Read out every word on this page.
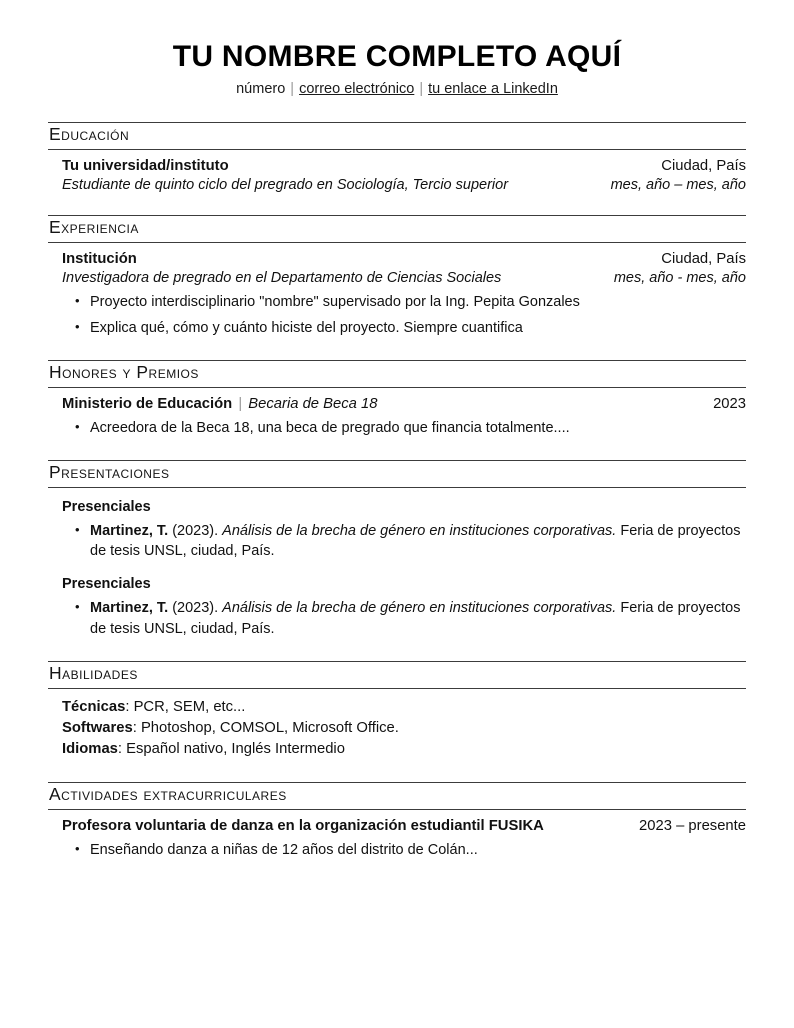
TU NOMBRE COMPLETO AQUÍ
número | correo electrónico | tu enlace a LinkedIn
Educación
Tu universidad/instituto	Ciudad, País
Estudiante de quinto ciclo del pregrado en Sociología, Tercio superior	mes, año – mes, año
Experiencia
Institución	Ciudad, País
Investigadora de pregrado en el Departamento de Ciencias Sociales	mes, año - mes, año
• Proyecto interdisciplinario "nombre" supervisado por la Ing. Pepita Gonzales
• Explica qué, cómo y cuánto hiciste del proyecto. Siempre cuantifica
Honores y Premios
Ministerio de Educación | Becaria de Beca 18	2023
• Acreedora de la Beca 18, una beca de pregrado que financia totalmente....
Presentaciones
Presenciales
• Martinez, T. (2023). Análisis de la brecha de género en instituciones corporativas. Feria de proyectos de tesis UNSL, ciudad, País.
Presenciales
• Martinez, T. (2023). Análisis de la brecha de género en instituciones corporativas. Feria de proyectos de tesis UNSL, ciudad, País.
Habilidades
Técnicas: PCR, SEM, etc...
Softwares: Photoshop, COMSOL, Microsoft Office.
Idiomas: Español nativo, Inglés Intermedio
Actividades extracurriculares
Profesora voluntaria de danza en la organización estudiantil FUSIKA	2023 – presente
• Enseñando danza a niñas de 12 años del distrito de Colán...
